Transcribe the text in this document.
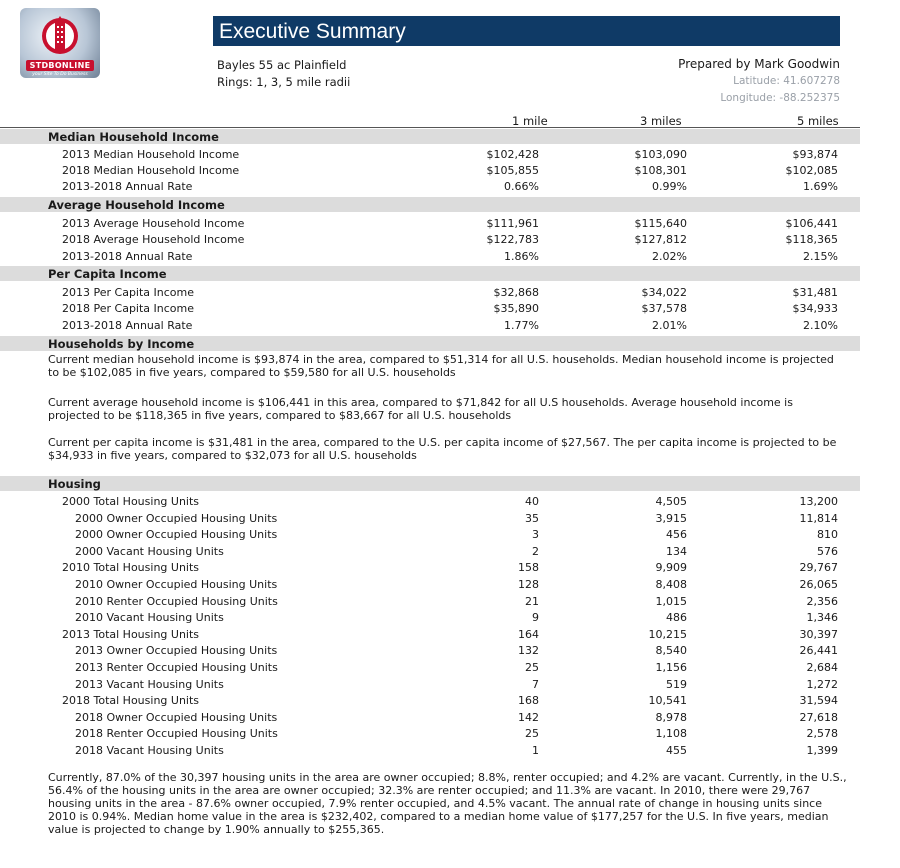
STDBONLINE
your Site To Do Business
Executive Summary
Bayles 55 ac Plainfield
Rings: 1, 3, 5 mile radii
Prepared by Mark Goodwin
Latitude: 41.607278
Longitude: -88.252375
1 mile	3 miles	5 miles
Median Household Income
2013 Median Household Income	$102,428	$103,090	$93,874
2018 Median Household Income	$105,855	$108,301	$102,085
2013-2018 Annual Rate	0.66%	0.99%	1.69%
Average Household Income
2013 Average Household Income	$111,961	$115,640	$106,441
2018 Average Household Income	$122,783	$127,812	$118,365
2013-2018 Annual Rate	1.86%	2.02%	2.15%
Per Capita Income
2013 Per Capita Income	$32,868	$34,022	$31,481
2018 Per Capita Income	$35,890	$37,578	$34,933
2013-2018 Annual Rate	1.77%	2.01%	2.10%
Households by Income
Current median household income is $93,874 in the area, compared to $51,314 for all U.S. households. Median household income is projected to be $102,085 in five years, compared to $59,580 for all U.S. households
Current average household income is $106,441 in this area, compared to $71,842 for all U.S households. Average household income is projected to be $118,365 in five years, compared to $83,667 for all U.S. households
Current per capita income is $31,481 in the area, compared to the U.S. per capita income of $27,567. The per capita income is projected to be $34,933 in five years, compared to $32,073 for all U.S. households
Housing
2000 Total Housing Units	40	4,505	13,200
2000 Owner Occupied Housing Units	35	3,915	11,814
2000 Owner Occupied Housing Units	3	456	810
2000 Vacant Housing Units	2	134	576
2010 Total Housing Units	158	9,909	29,767
2010 Owner Occupied Housing Units	128	8,408	26,065
2010 Renter Occupied Housing Units	21	1,015	2,356
2010 Vacant Housing Units	9	486	1,346
2013 Total Housing Units	164	10,215	30,397
2013 Owner Occupied Housing Units	132	8,540	26,441
2013 Renter Occupied Housing Units	25	1,156	2,684
2013 Vacant Housing Units	7	519	1,272
2018 Total Housing Units	168	10,541	31,594
2018 Owner Occupied Housing Units	142	8,978	27,618
2018 Renter Occupied Housing Units	25	1,108	2,578
2018 Vacant Housing Units	1	455	1,399
Currently, 87.0% of the 30,397 housing units in the area are owner occupied; 8.8%, renter occupied; and 4.2% are vacant. Currently, in the U.S., 56.4% of the housing units in the area are owner occupied; 32.3% are renter occupied; and 11.3% are vacant. In 2010, there were 29,767 housing units in the area - 87.6% owner occupied, 7.9% renter occupied, and 4.5% vacant. The annual rate of change in housing units since 2010 is 0.94%. Median home value in the area is $232,402, compared to a median home value of $177,257 for the U.S. In five years, median value is projected to change by 1.90% annually to $255,365.
